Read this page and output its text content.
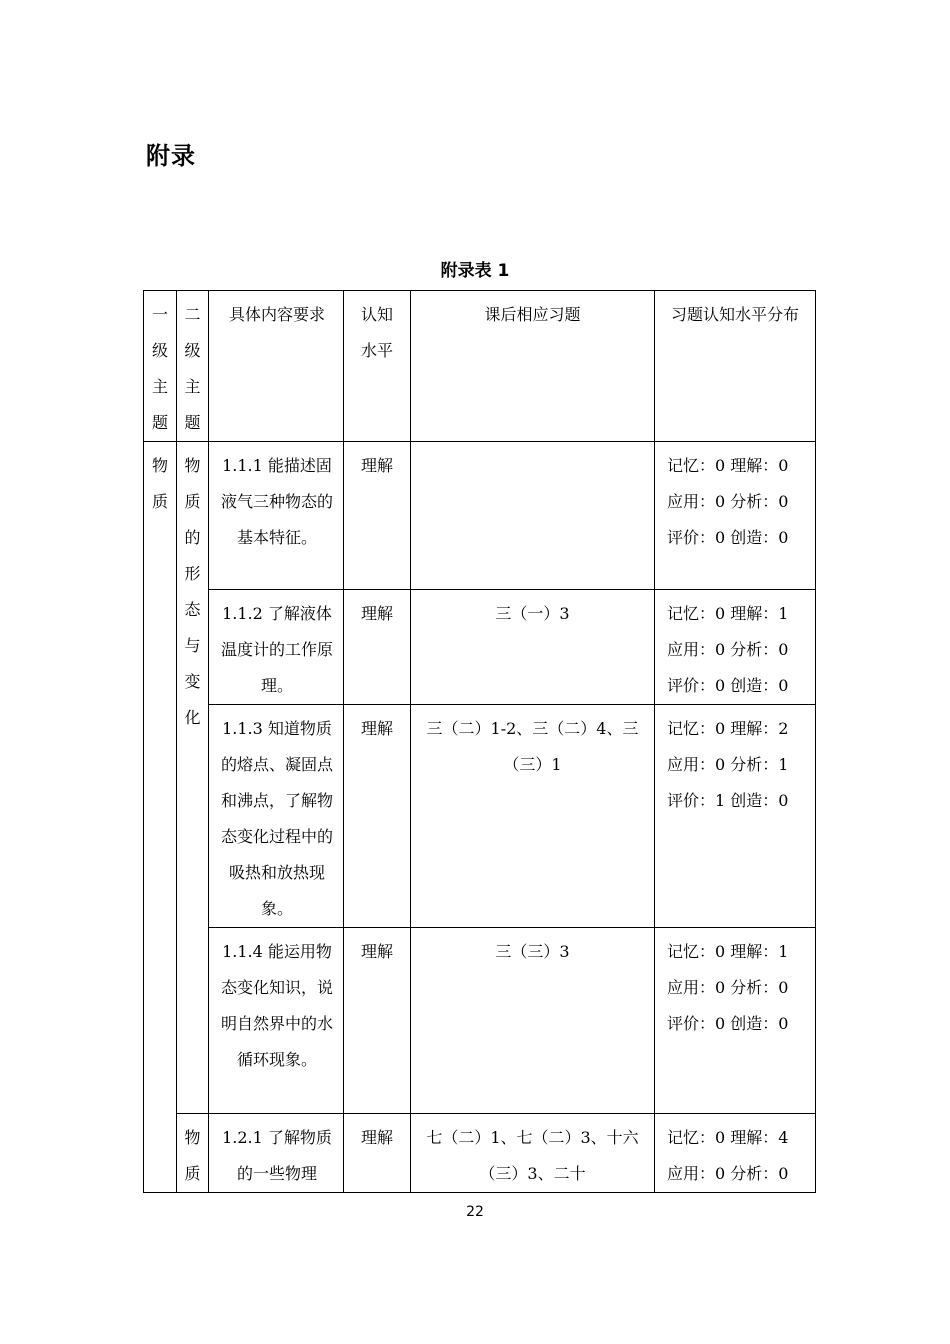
附录
附录表 1
一级主题	二级主题	具体内容要求	认知水平	课后相应习题	习题认知水平分布
物质	物质的形态与变化	1.1.1 能描述固液气三种物态的基本特征。	理解		记忆：0 理解：0
应用：0 分析：0
评价：0 创造：0

		1.1.2 了解液体温度计的工作原理。	理解	三（一）3	记忆：0 理解：1
应用：0 分析：0
评价：0 创造：0

		1.1.3 知道物质的熔点、凝固点和沸点，了解物态变化过程中的吸热和放热现象。	理解	三（二）1-2、三（二）4、三（三）1	记忆：0 理解：2
应用：0 分析：1
评价：1 创造：0

		1.1.4 能运用物态变化知识，说明自然界中的水循环现象。	理解	三（三）3	记忆：0 理解：1
应用：0 分析：0
评价：0 创造：0

	物质	1.2.1 了解物质的一些物理	理解	七（二）1、七（二）3、十六（三）3、二十	记忆：0 理解：4
应用：0 分析：0
22
